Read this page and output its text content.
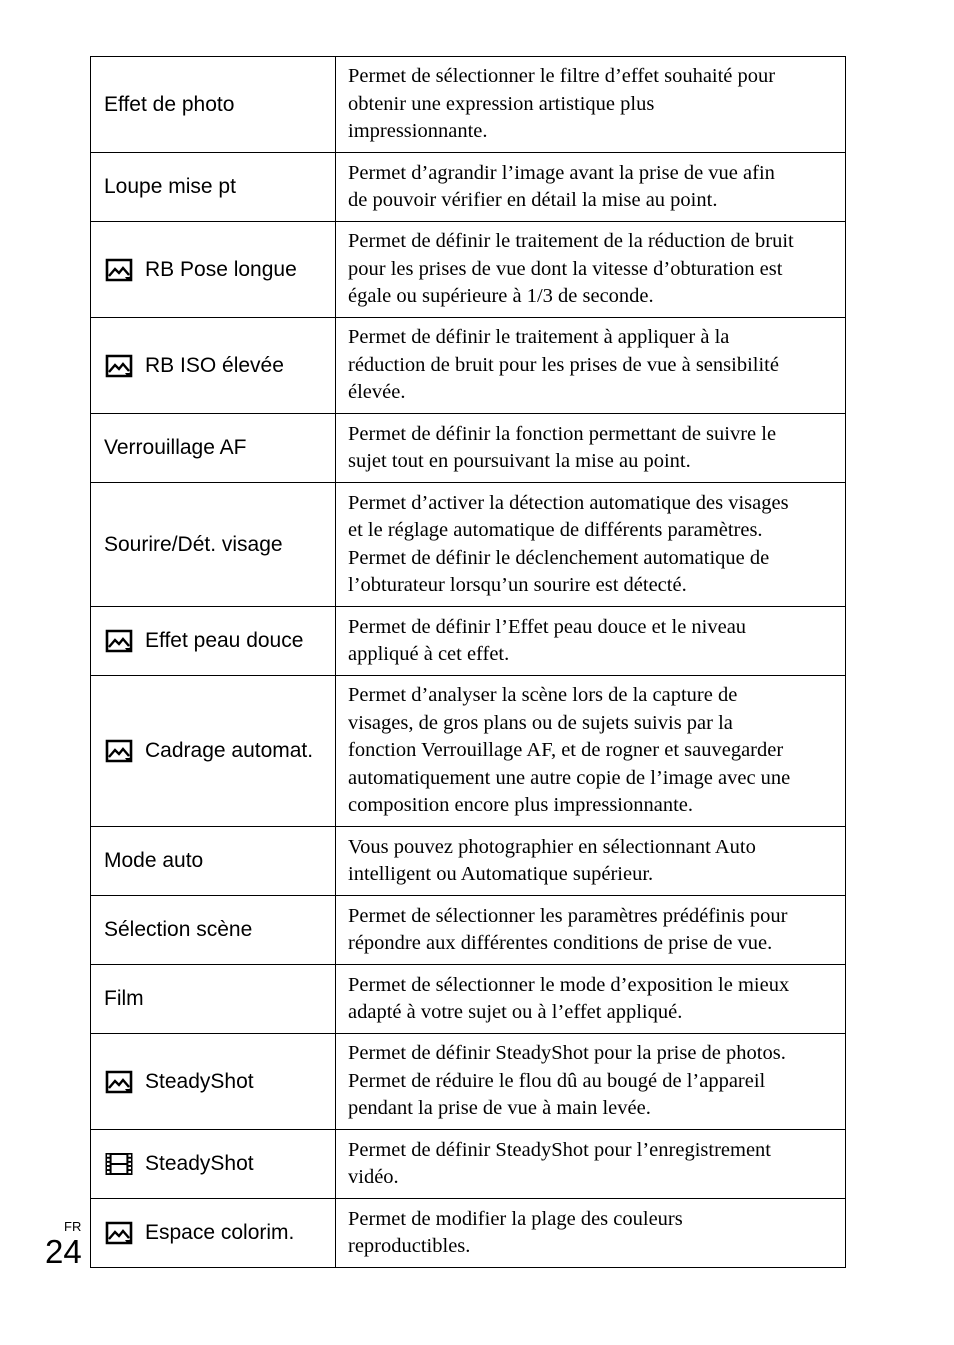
Effet de photo	Permet de sélectionner le filtre d’effet souhaité pour

obtenir une expression artistique plus

impressionnante.

Loupe mise pt	Permet d’agrandir l’image avant la prise de vue afin

de pouvoir vérifier en détail la mise au point.

RB Pose longue	Permet de définir le traitement de la réduction de bruit

pour les prises de vue dont la vitesse d’obturation est

égale ou supérieure à 1/3 de seconde.

RB ISO élevée	Permet de définir le traitement à appliquer à la

réduction de bruit pour les prises de vue à sensibilité

élevée.

Verrouillage AF	Permet de définir la fonction permettant de suivre le

sujet tout en poursuivant la mise au point.

Sourire/Dét. visage	Permet d’activer la détection automatique des visages

et le réglage automatique de différents paramètres.

Permet de définir le déclenchement automatique de

l’obturateur lorsqu’un sourire est détecté.

Effet peau douce	Permet de définir l’Effet peau douce et le niveau

appliqué à cet effet.

Cadrage automat.	Permet d’analyser la scène lors de la capture de

visages, de gros plans ou de sujets suivis par la

fonction Verrouillage AF, et de rogner et sauvegarder

automatiquement une autre copie de l’image avec une

composition encore plus impressionnante.

Mode auto	Vous pouvez photographier en sélectionnant Auto

intelligent ou Automatique supérieur.

Sélection scène	Permet de sélectionner les paramètres prédéfinis pour

répondre aux différentes conditions de prise de vue.

Film	Permet de sélectionner le mode d’exposition le mieux

adapté à votre sujet ou à l’effet appliqué.

SteadyShot	Permet de définir SteadyShot pour la prise de photos.

Permet de réduire le flou dû au bougé de l’appareil

pendant la prise de vue à main levée.

SteadyShot	Permet de définir SteadyShot pour l’enregistrement

vidéo.

Espace colorim.	Permet de modifier la plage des couleurs

reproductibles.

FR
24
